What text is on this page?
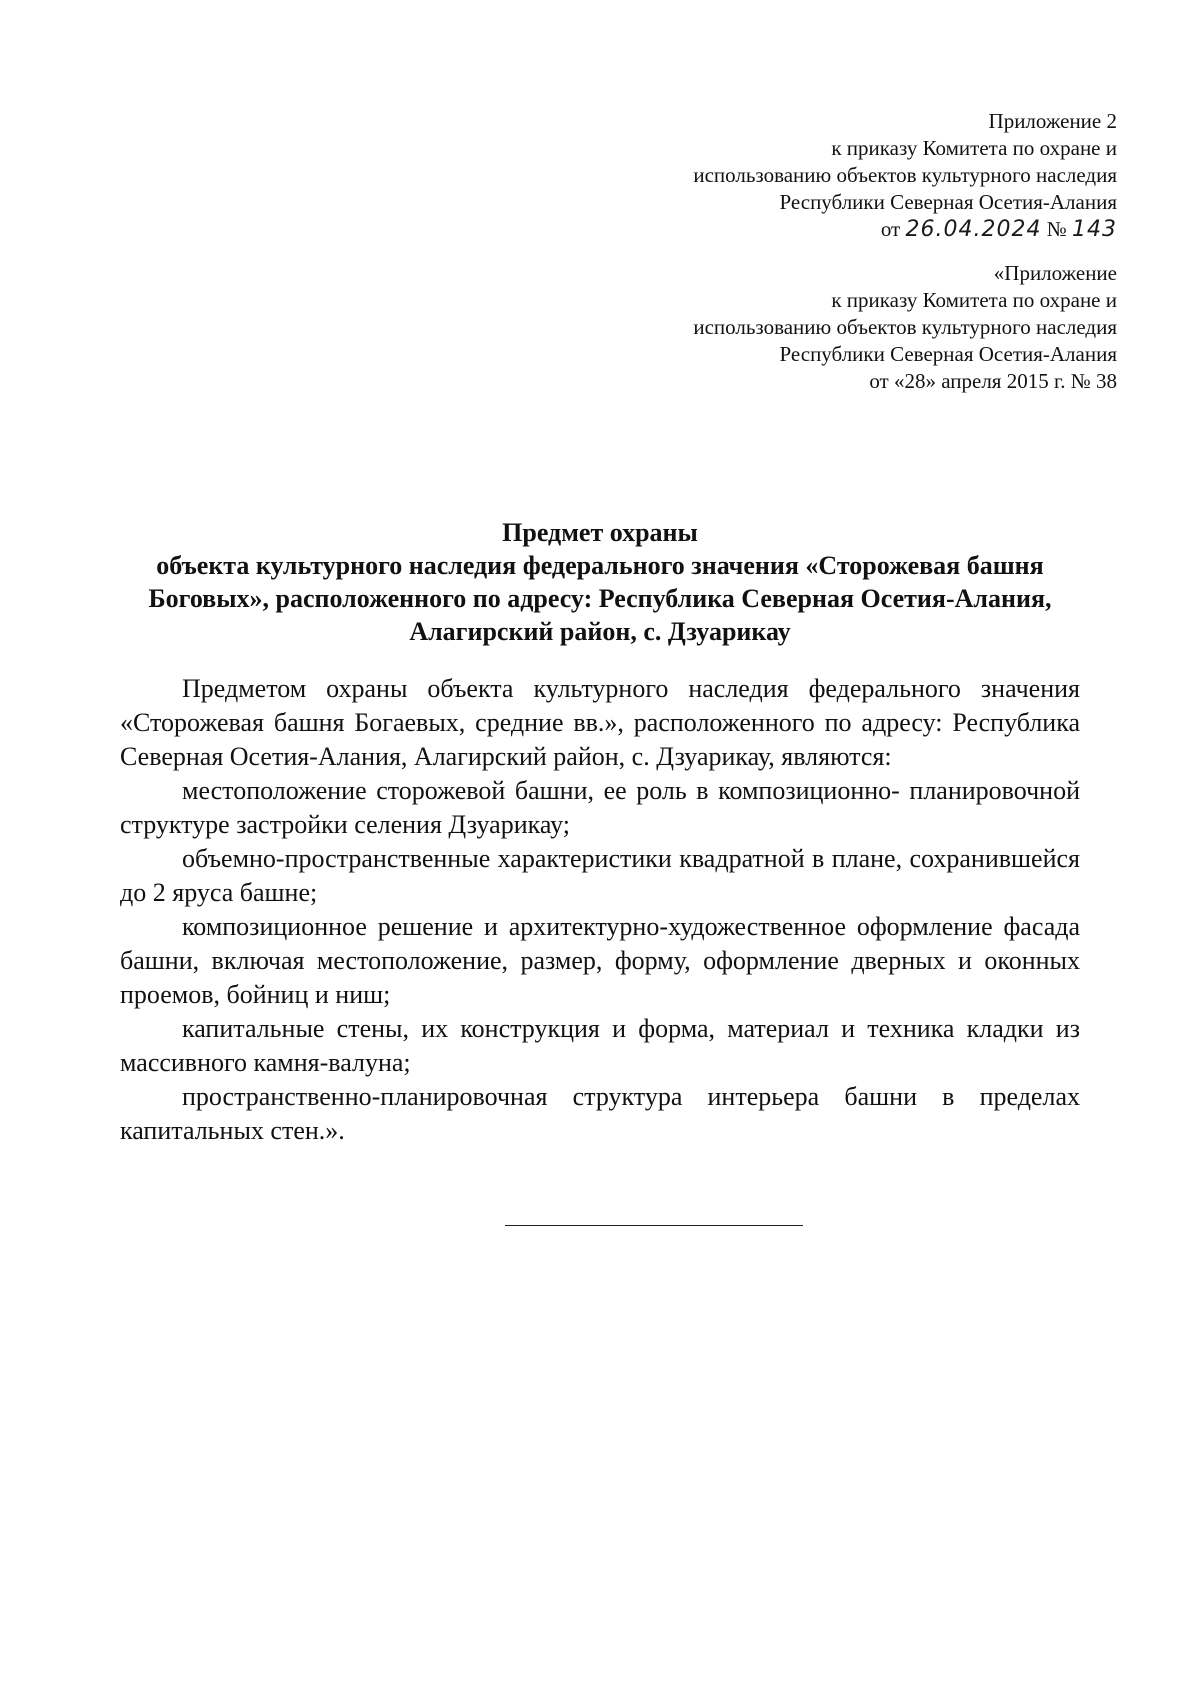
Приложение 2
к приказу Комитета по охране и
использованию объектов культурного наследия
Республики Северная Осетия-Алания
от 26.04.2024 № 143
«Приложение
к приказу Комитета по охране и
использованию объектов культурного наследия
Республики Северная Осетия-Алания
от «28» апреля 2015 г. № 38
Предмет охраны
объекта культурного наследия федерального значения «Сторожевая башня
Боговых», расположенного по адресу: Республика Северная Осетия-Алания,
Алагирский район, с. Дзуарикау

Предметом охраны объекта культурного наследия федерального значения «Сторожевая башня Богаевых, средние вв.», расположенного по адресу: Республика Северная Осетия-Алания, Алагирский район, с. Дзуарикау, являются:

местоположение сторожевой башни, ее роль в композиционно- планировочной структуре застройки селения Дзуарикау;

объемно-пространственные характеристики квадратной в плане, сохранившейся до 2 яруса башне;

композиционное решение и архитектурно-художественное оформление фасада башни, включая местоположение, размер, форму, оформление дверных и оконных проемов, бойниц и ниш;

капитальные стены, их конструкция и форма, материал и техника кладки из массивного камня-валуна;

пространственно-планировочная структура интерьера башни в пределах капитальных стен.».
